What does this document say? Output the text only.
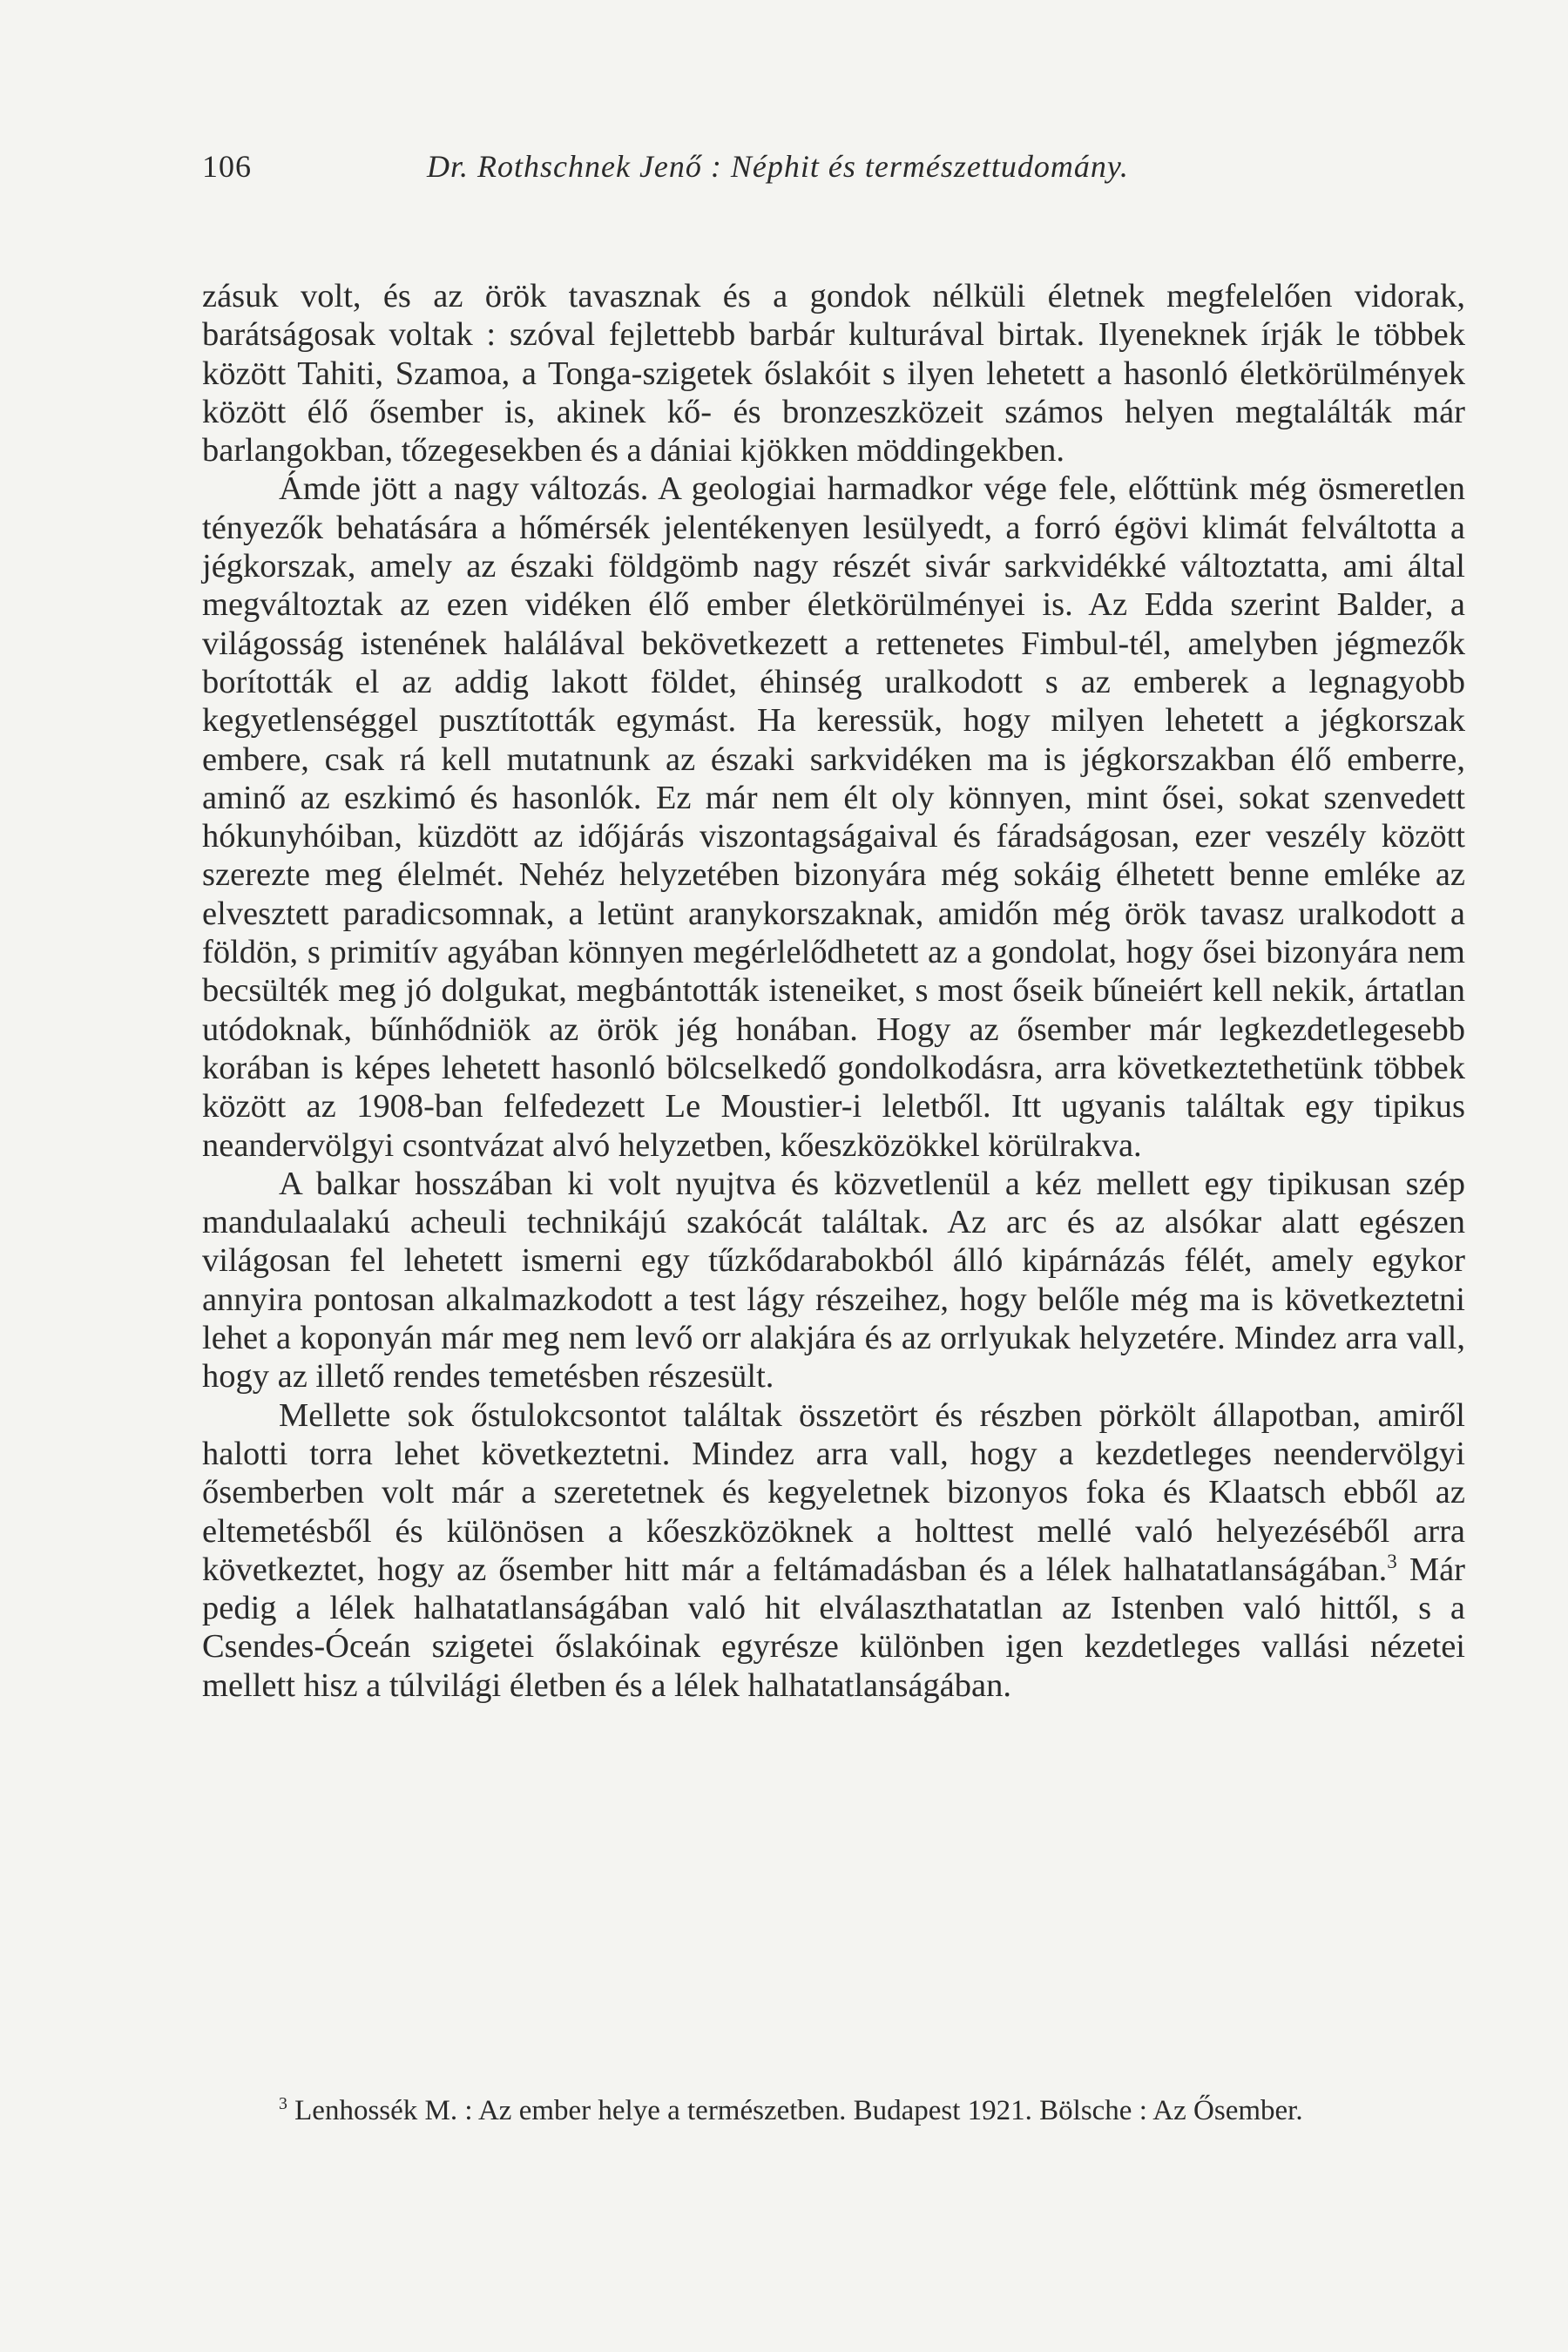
106	Dr. Rothschnek Jenő : Néphit és természettudomány.

zásuk volt, és az örök tavasznak és a gondok nélküli életnek megfelelően vidorak, barátságosak voltak : szóval fejlettebb barbár kulturával birtak. Ilyeneknek írják le többek között Tahiti, Szamoa, a Tonga-szigetek őslakóit s ilyen lehetett a hasonló életkörülmények között élő ősember is, akinek kő- és bronzeszközeit számos helyen megtalálták már barlangokban, tőzegesekben és a dániai kjökken möddingekben.

Ámde jött a nagy változás. A geologiai harmadkor vége fele, előttünk még ösmeretlen tényezők behatására a hőmérsék jelentékenyen lesülyedt, a forró égövi klimát felváltotta a jégkorszak, amely az északi földgömb nagy részét sivár sarkvidékké változtatta, ami által megváltoztak az ezen vidéken élő ember életkörülményei is. Az Edda szerint Balder, a világosság istenének halálával bekövetkezett a rettenetes Fimbul-tél, amelyben jégmezők borították el az addig lakott földet, éhinség uralkodott s az emberek a legnagyobb kegyetlenséggel pusztították egymást. Ha keressük, hogy milyen lehetett a jégkorszak embere, csak rá kell mutatnunk az északi sarkvidéken ma is jégkorszakban élő emberre, aminő az eszkimó és hasonlók. Ez már nem élt oly könnyen, mint ősei, sokat szenvedett hókunyhóiban, küzdött az időjárás viszontagságaival és fáradságosan, ezer veszély között szerezte meg élelmét. Nehéz helyzetében bizonyára még sokáig élhetett benne emléke az elvesztett paradicsomnak, a letünt aranykorszaknak, amidőn még örök tavasz uralkodott a földön, s primitív agyában könnyen megérlelődhetett az a gondolat, hogy ősei bizonyára nem becsülték meg jó dolgukat, megbántották isteneiket, s most őseik bűneiért kell nekik, ártatlan utódoknak, bűnhődniök az örök jég honában. Hogy az ősember már legkezdetlegesebb korában is képes lehetett hasonló bölcselkedő gondolkodásra, arra következtethetünk többek között az 1908-ban felfedezett Le Moustier-i leletből. Itt ugyanis találtak egy tipikus neandervölgyi csontvázat alvó helyzetben, kőeszközökkel körülrakva.

A balkar hosszában ki volt nyujtva és közvetlenül a kéz mellett egy tipikusan szép mandulaalakú acheuli technikájú szakócát találtak. Az arc és az alsókar alatt egészen világosan fel lehetett ismerni egy tűzkődarabokból álló kipárnázás félét, amely egykor annyira pontosan alkalmazkodott a test lágy részeihez, hogy belőle még ma is következtetni lehet a koponyán már meg nem levő orr alakjára és az orrlyukak helyzetére. Mindez arra vall, hogy az illető rendes temetésben részesült.

Mellette sok őstulokcsontot találtak összetört és részben pörkölt állapotban, amiről halotti torra lehet következtetni. Mindez arra vall, hogy a kezdetleges neendervölgyi ősemberben volt már a szeretetnek és kegyeletnek bizonyos foka és Klaatsch ebből az eltemetésből és különösen a kőeszközöknek a holttest mellé való helyezéséből arra következtet, hogy az ősember hitt már a feltámadásban és a lélek halhatatlanságában.$^3$ Már pedig a lélek halhatatlanságában való hit elválaszthatatlan az Istenben való hittől, s a Csendes-Óceán szigetei őslakóinak egyrésze különben igen kezdetleges vallási nézetei mellett hisz a túlvilági életben és a lélek halhatatlanságában.

$^3$ Lenhossék M. : Az ember helye a természetben. Budapest 1921. Bölsche : Az Ősember.
